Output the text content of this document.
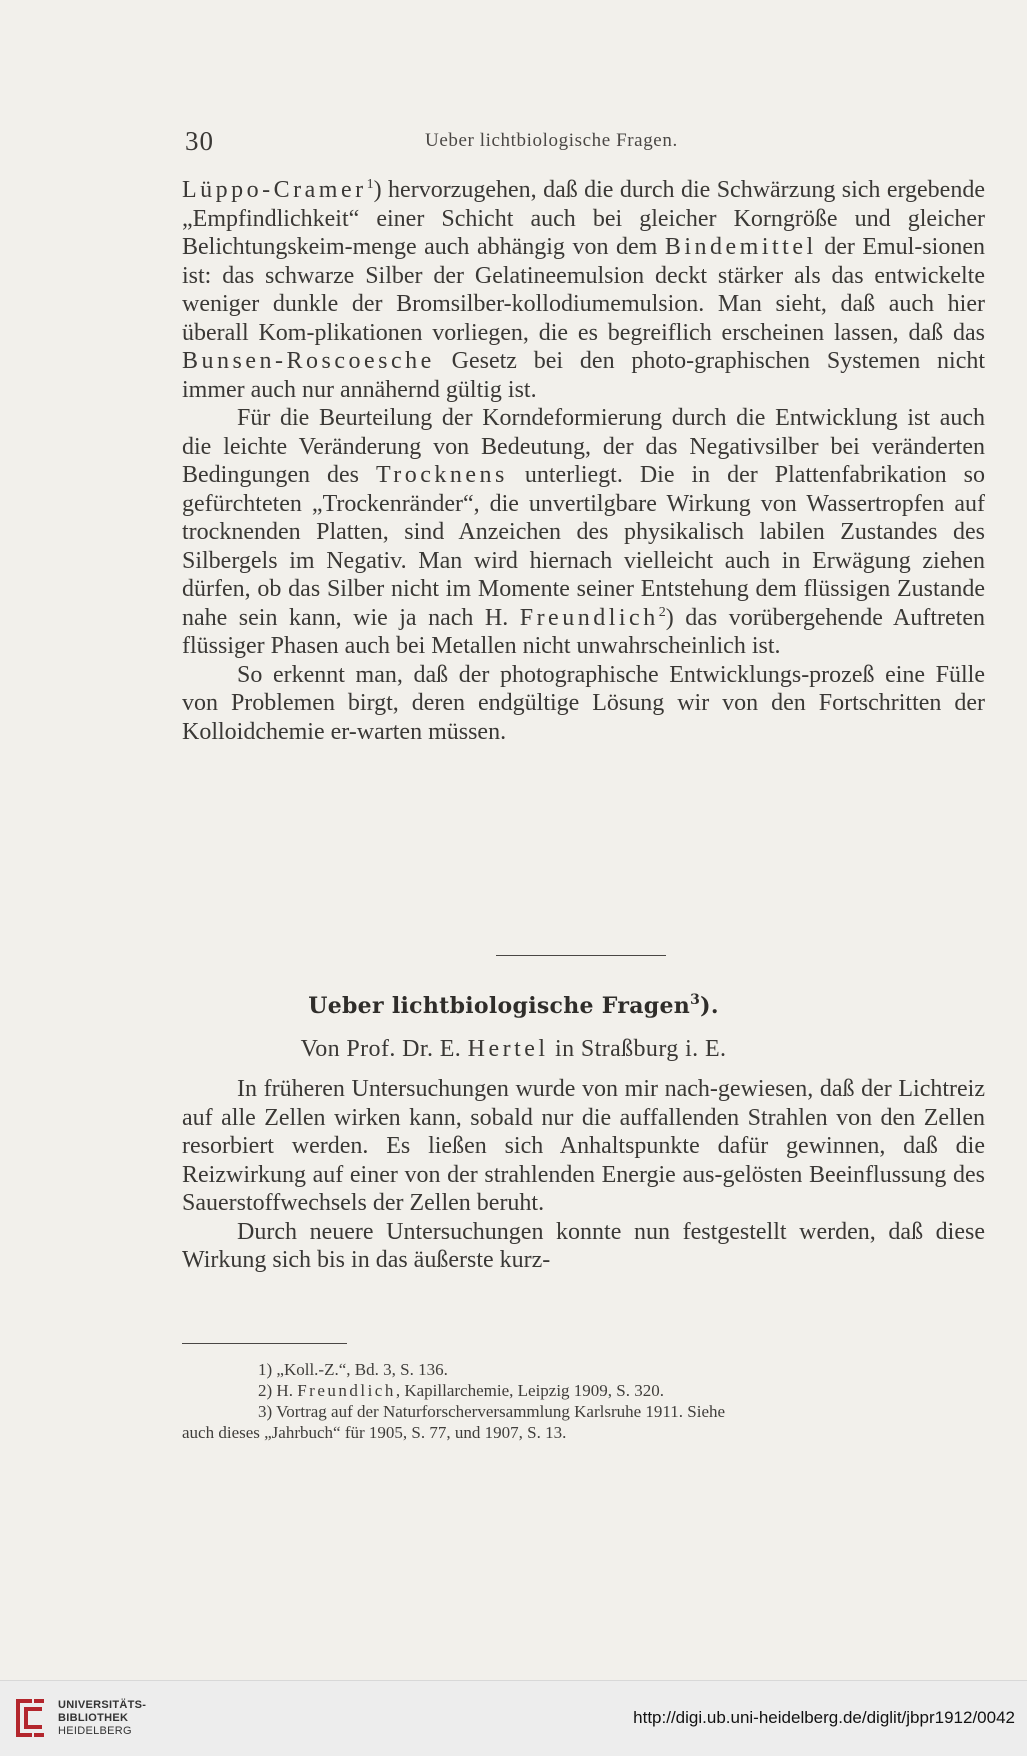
30	Ueber lichtbiologische Fragen.

Lüppo-Cramer$^1$) hervorzugehen, daß die durch die Schwärzung sich ergebende „Empfindlichkeit“ einer Schicht auch bei gleicher Korngröße und gleicher Belichtungskeim-menge auch abhängig von dem Bindemittel der Emul-sionen ist: das schwarze Silber der Gelatineemulsion deckt stärker als das entwickelte weniger dunkle der Bromsilber-kollodiumemulsion. Man sieht, daß auch hier überall Kom-plikationen vorliegen, die es begreiflich erscheinen lassen, daß das Bunsen-Roscoesche Gesetz bei den photo-graphischen Systemen nicht immer auch nur annähernd gültig ist.

Für die Beurteilung der Korndeformierung durch die Entwicklung ist auch die leichte Veränderung von Bedeutung, der das Negativsilber bei veränderten Bedingungen des Trocknens unterliegt. Die in der Plattenfabrikation so gefürchteten „Trockenränder“, die unvertilgbare Wirkung von Wassertropfen auf trocknenden Platten, sind Anzeichen des physikalisch labilen Zustandes des Silbergels im Negativ. Man wird hiernach vielleicht auch in Erwägung ziehen dürfen, ob das Silber nicht im Momente seiner Entstehung dem flüssigen Zustande nahe sein kann, wie ja nach H. Freundlich$^2$) das vorübergehende Auftreten flüssiger Phasen auch bei Metallen nicht unwahrscheinlich ist.

So erkennt man, daß der photographische Entwicklungs-prozeß eine Fülle von Problemen birgt, deren endgültige Lösung wir von den Fortschritten der Kolloidchemie er-warten müssen.

Ueber lichtbiologische Fragen$^3$).
Von Prof. Dr. E. Hertel in Straßburg i. E.

In früheren Untersuchungen wurde von mir nach-gewiesen, daß der Lichtreiz auf alle Zellen wirken kann, sobald nur die auffallenden Strahlen von den Zellen resorbiert werden. Es ließen sich Anhaltspunkte dafür gewinnen, daß die Reizwirkung auf einer von der strahlenden Energie aus-gelösten Beeinflussung des Sauerstoffwechsels der Zellen beruht.

Durch neuere Untersuchungen konnte nun festgestellt werden, daß diese Wirkung sich bis in das äußerste kurz-

1) „Koll.-Z.“, Bd. 3, S. 136.
2) H. Freundlich, Kapillarchemie, Leipzig 1909, S. 320.
3) Vortrag auf der Naturforscherversammlung Karlsruhe 1911. Siehe
auch dieses „Jahrbuch“ für 1905, S. 77, und 1907, S. 13.
UNIVERSITÄTS-
BIBLIOTHEK
HEIDELBERG
http://digi.ub.uni-heidelberg.de/diglit/jbpr1912/0042
